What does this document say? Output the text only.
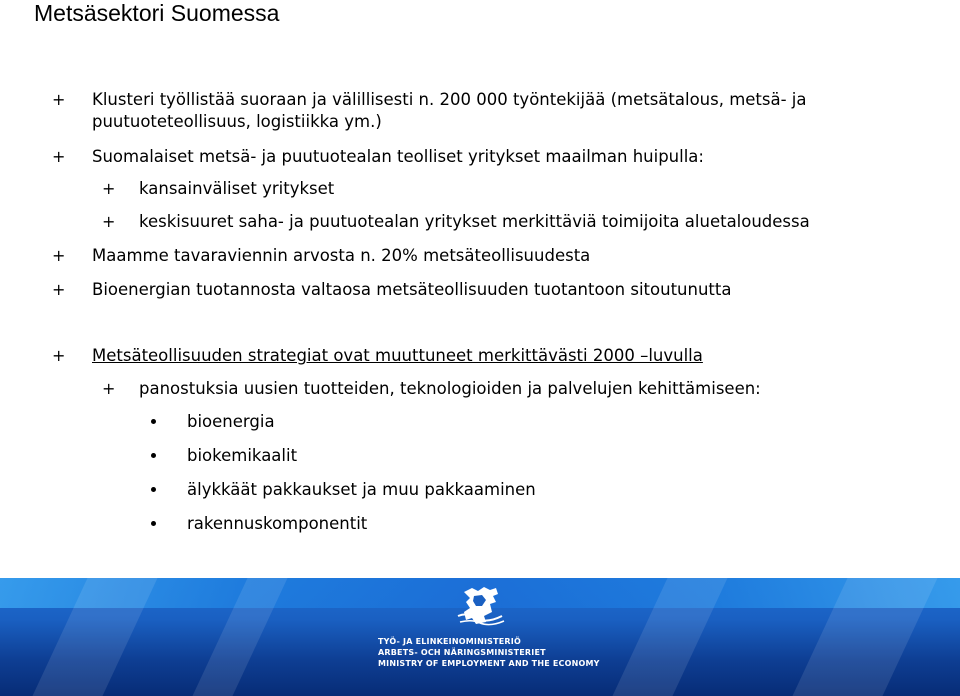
Metsäsektori Suomessa
+ Klusteri työllistää suoraan ja välillisesti n. 200 000 työntekijää (metsätalous, metsä- ja
puutuoteteollisuus, logistiikka ym.)
+ Suomalaiset metsä- ja puutuotealan teolliset yritykset maailman huipulla:
+ kansainväliset yritykset
+ keskisuuret saha- ja puutuotealan yritykset merkittäviä toimijoita aluetaloudessa
+ Maamme tavaraviennin arvosta n. 20% metsäteollisuudesta
+ Bioenergian tuotannosta valtaosa metsäteollisuuden tuotantoon sitoutunutta
+ Metsäteollisuuden strategiat ovat muuttuneet merkittävästi 2000 –luvulla
+ panostuksia uusien tuotteiden, teknologioiden ja palvelujen kehittämiseen:
bioenergia
biokemikaalit
älykkäät pakkaukset ja muu pakkaaminen
rakennuskomponentit
TYÖ- JA ELINKEINOMINISTERIÖ
ARBETS- OCH NÄRINGSMINISTERIET
MINISTRY OF EMPLOYMENT AND THE ECONOMY
